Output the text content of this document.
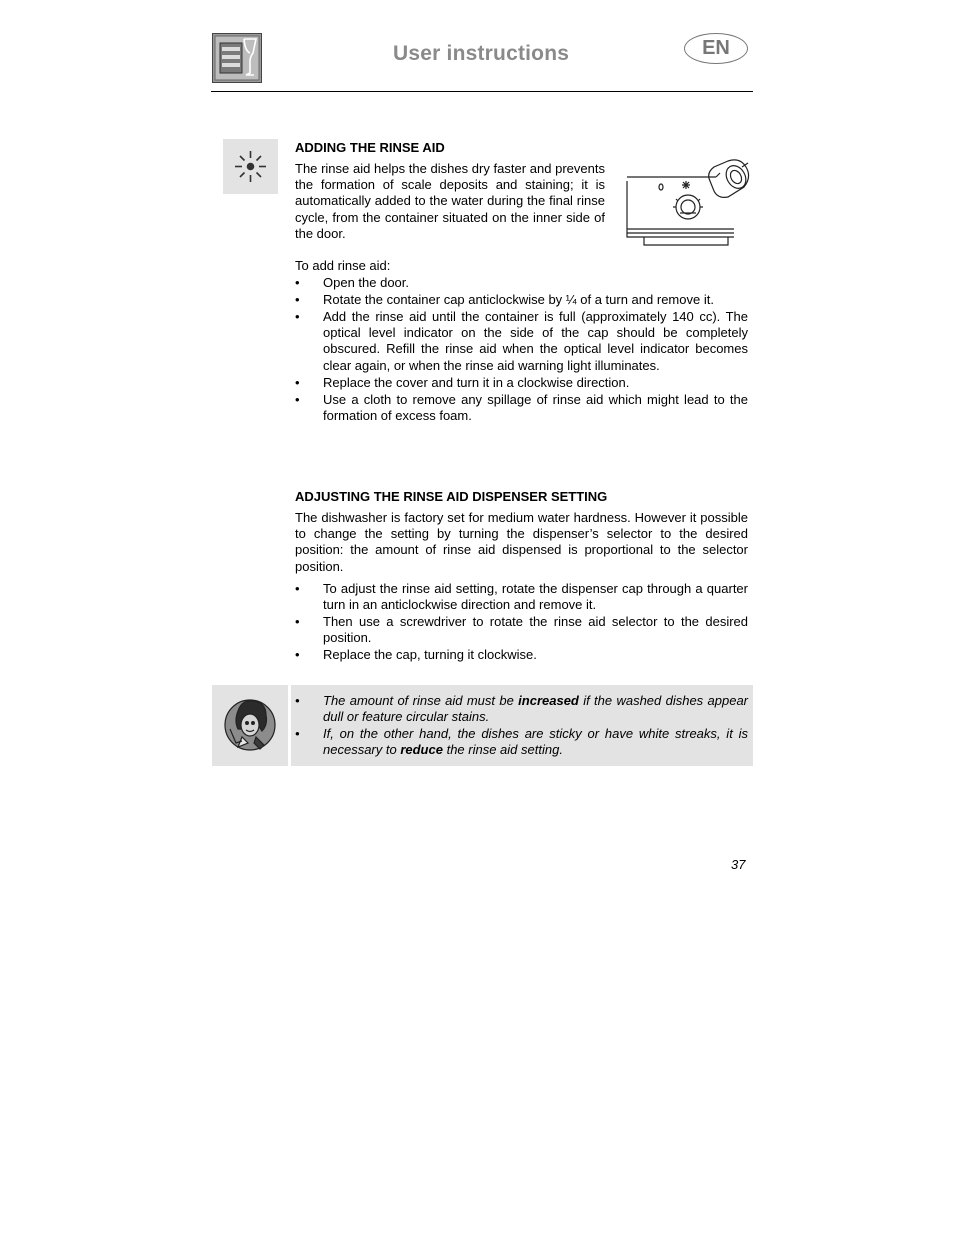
User instructions	EN
ADDING THE RINSE AID
The rinse aid helps the dishes dry faster and prevents the formation of scale deposits and staining; it is automatically added to the water during the final rinse cycle, from the container situated on the inner side of the door.
To add rinse aid:
• Open the door.
• Rotate the container cap anticlockwise by ¼ of a turn and remove it.
• Add the rinse aid until the container is full (approximately 140 cc). The optical level indicator on the side of the cap should be completely obscured. Refill the rinse aid when the optical level indicator becomes clear again, or when the rinse aid warning light illuminates.
• Replace the cover and turn it in a clockwise direction.
• Use a cloth to remove any spillage of rinse aid which might lead to the formation of excess foam.
ADJUSTING THE RINSE AID DISPENSER SETTING
The dishwasher is factory set for medium water hardness. However it possible to change the setting by turning the dispenser’s selector to the desired position: the amount of rinse aid dispensed is proportional to the selector position.
• To adjust the rinse aid setting, rotate the dispenser cap through a quarter turn in an anticlockwise direction and remove it.
• Then use a screwdriver to rotate the rinse aid selector to the desired position.
• Replace the cap, turning it clockwise.
• The amount of rinse aid must be increased if the washed dishes appear dull or feature circular stains.
• If, on the other hand, the dishes are sticky or have white streaks, it is necessary to reduce the rinse aid setting.
37
